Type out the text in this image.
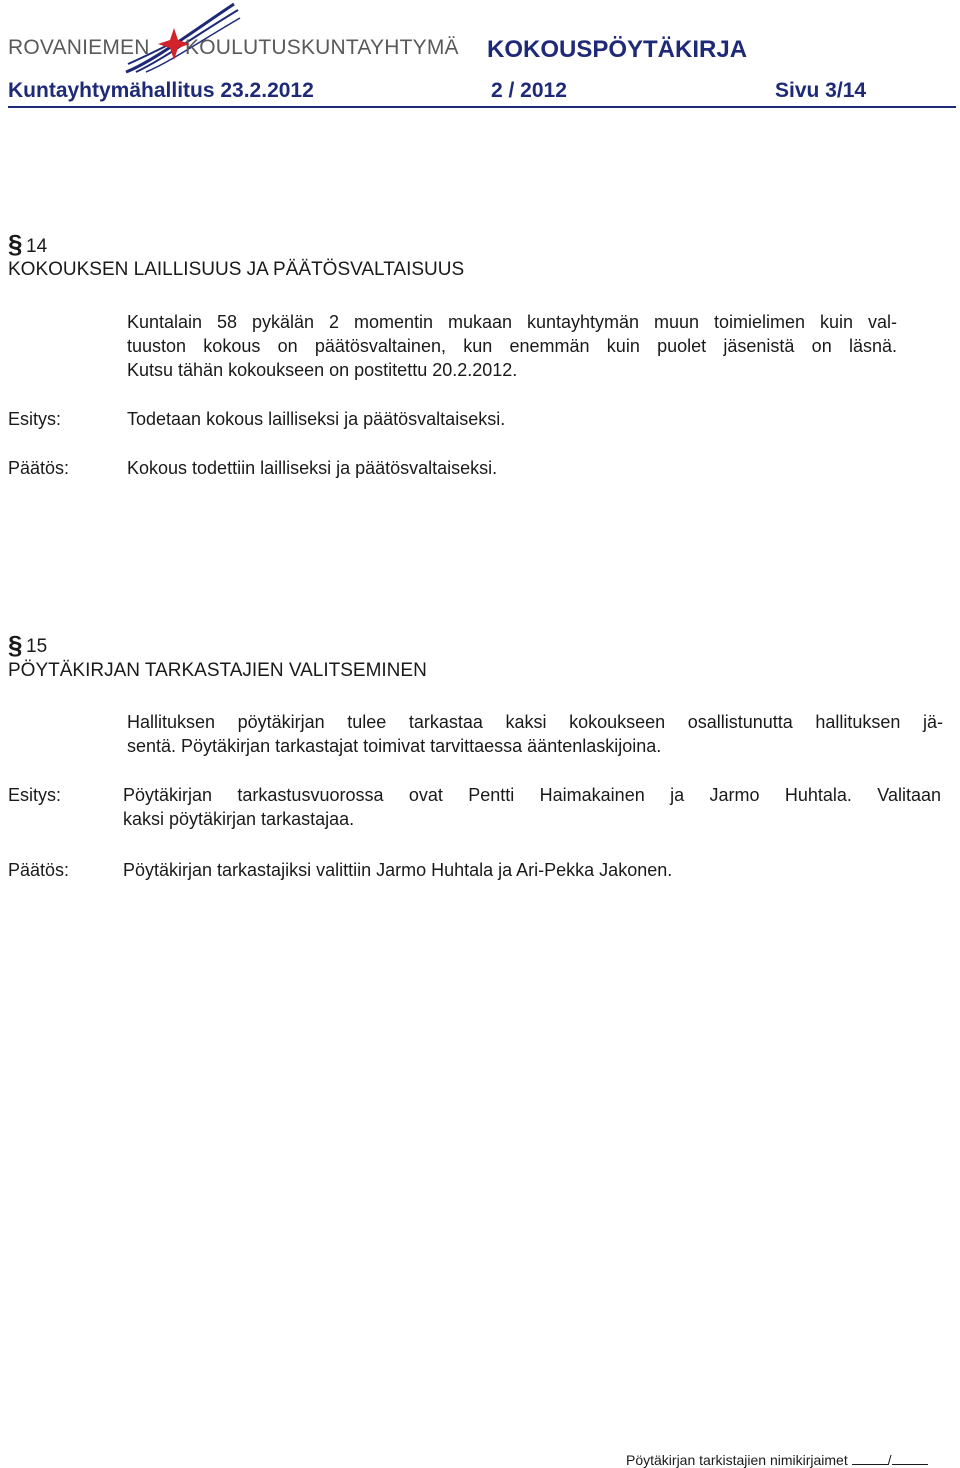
ROVANIEMEN KOULUTUSKUNTAYHTYMÄ KOKOUSPÖYTÄKIRJA
Kuntayhtymähallitus 23.2.2012	2 / 2012	Sivu 3/14
§ 14
KOKOUKSEN LAILLISUUS JA PÄÄTÖSVALTAISUUS
Kuntalain 58 pykälän 2 momentin mukaan kuntayhtymän muun toimielimen kuin val-
tuuston kokous on päätösvaltainen, kun enemmän kuin puolet jäsenistä on läsnä.
Kutsu tähän kokoukseen on postitettu 20.2.2012.
Esitys:	Todetaan kokous lailliseksi ja päätösvaltaiseksi.
Päätös:	Kokous todettiin lailliseksi ja päätösvaltaiseksi.
§ 15
PÖYTÄKIRJAN TARKASTAJIEN VALITSEMINEN
Hallituksen pöytäkirjan tulee tarkastaa kaksi kokoukseen osallistunutta hallituksen jä-
sentä. Pöytäkirjan tarkastajat toimivat tarvittaessa ääntenlaskijoina.
Esitys:	Pöytäkirjan tarkastusvuorossa ovat Pentti Haimakainen ja Jarmo Huhtala. Valitaan
kaksi pöytäkirjan tarkastajaa.
Päätös:	Pöytäkirjan tarkastajiksi valittiin Jarmo Huhtala ja Ari-Pekka Jakonen.
Pöytäkirjan tarkistajien nimikirjaimet	/
